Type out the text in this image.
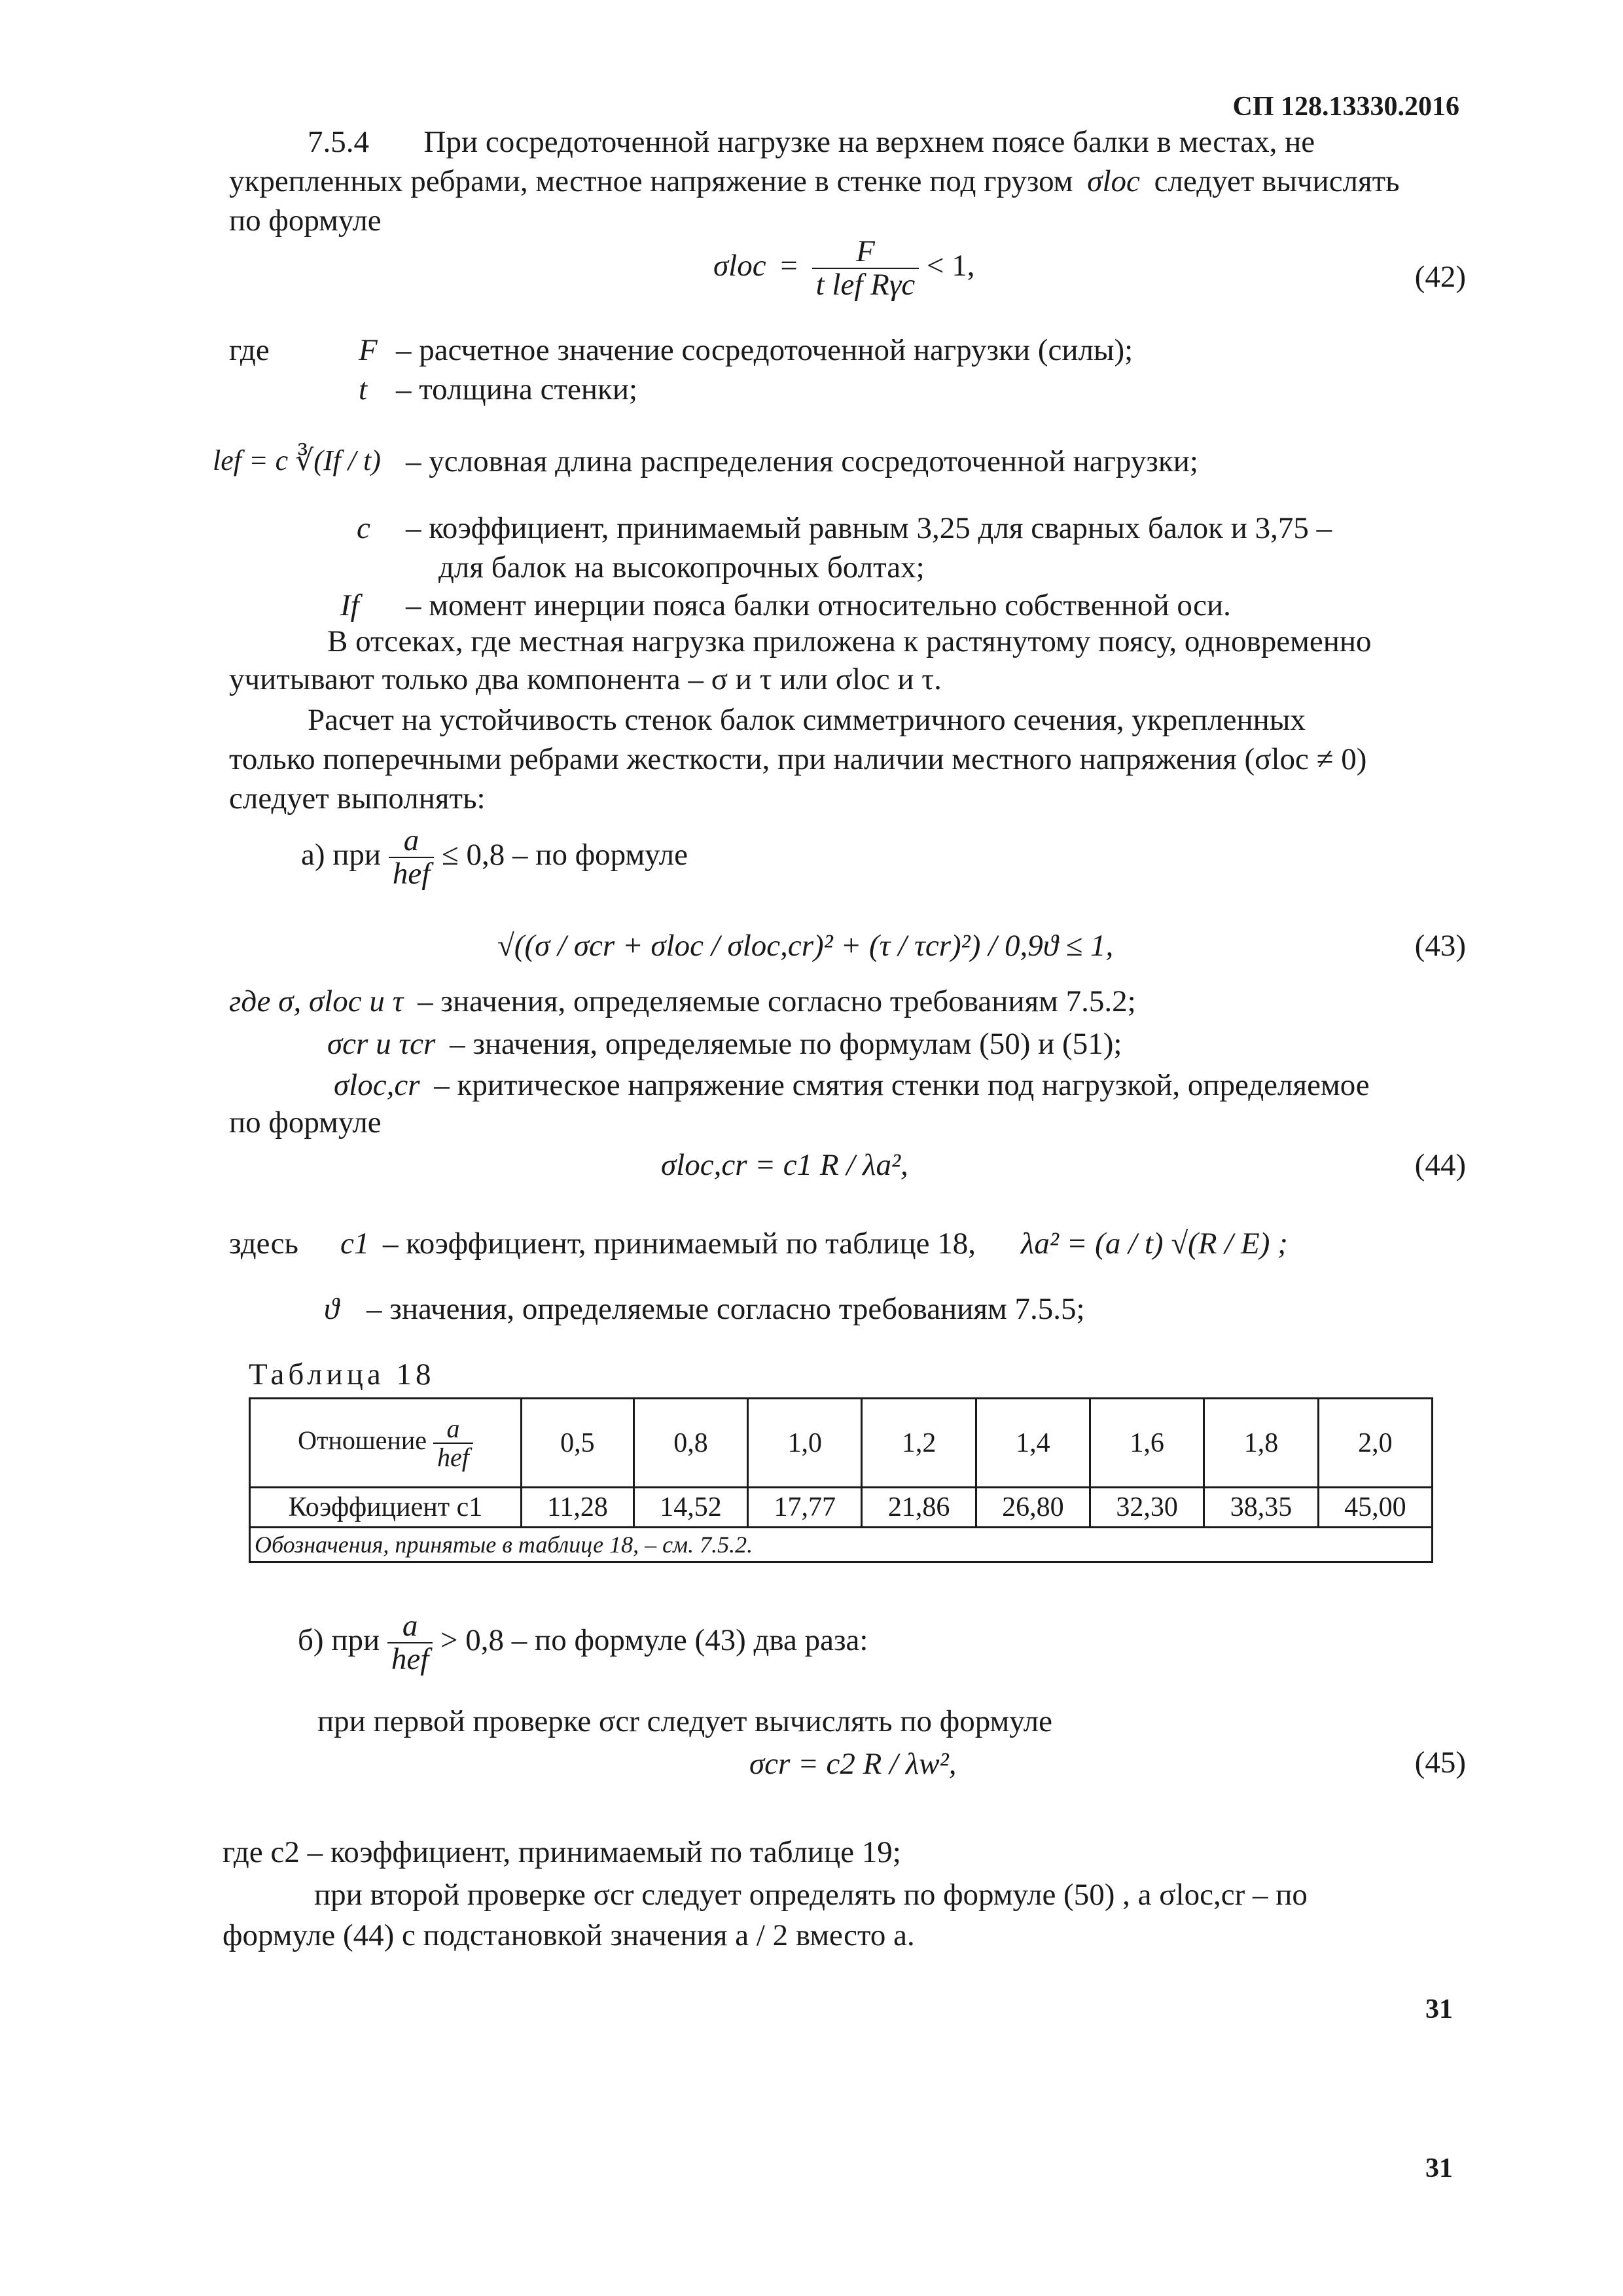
СП 128.13330.2016
7.5.4 При сосредоточенной нагрузке на верхнем поясе балки в местах, не
укрепленных ребрами, местное напряжение в стенке под грузом σloc следует вычислять
по формуле
$\sigma loc = \frac{F}{\text{t lef Rγc}} < 1$,	(42)
где	F – расчетное значение сосредоточенной нагрузки (силы);
t – толщина стенки;
lef = c ∛(If / t) – условная длина распределения сосредоточенной нагрузки;
c – коэффициент, принимаемый равным 3,25 для сварных балок и 3,75 –
для балок на высокопрочных болтах;
If – момент инерции пояса балки относительно собственной оси.
В отсеках, где местная нагрузка приложена к растянутому поясу, одновременно
учитывают только два компонента – σ и τ или σloc и τ.
Расчет на устойчивость стенок балок симметричного сечения, укрепленных
только поперечными ребрами жесткости, при наличии местного напряжения (σloc ≠ 0)
следует выполнять:
а) при $\frac{a}{\text{hef}} \le 0,8$ – по формуле
√((σ / σcr + σloc / σloc,cr)² + (τ / τcr)²) / 0,9ϑ ≤ 1,	(43)
где σ, σloc и τ – значения, определяемые согласно требованиям 7.5.2;
σcr и τcr – значения, определяемые по формулам (50) и (51);
σloc,cr – критическое напряжение смятия стенки под нагрузкой, определяемое
по формуле
σloc,cr = c1 R / λa²,	(44)
здесь c1 – коэффициент, принимаемый по таблице 18, λa² = (a / t) √(R / E) ;
ϑ – значения, определяемые согласно требованиям 7.5.5;
Таблица 18
Отношение $\frac{a}{\text{hef}}$	0,5	0,8	1,0	1,2	1,4	1,6	1,8	2,0
Коэффициент c1	11,28	14,52	17,77	21,86	26,80	32,30	38,35	45,00
Обозначения, принятые в таблице 18, – см. 7.5.2.								
б) при $\frac{a}{\text{hef}} > 0,8$ – по формуле (43) два раза:
при первой проверке σcr следует вычислять по формуле
σcr = c2 R / λw²,	(45)
где c2 – коэффициент, принимаемый по таблице 19;
при второй проверке σcr следует определять по формуле (50) , а σloc,cr – по
формуле (44) с подстановкой значения a / 2 вместо a.
31
31
